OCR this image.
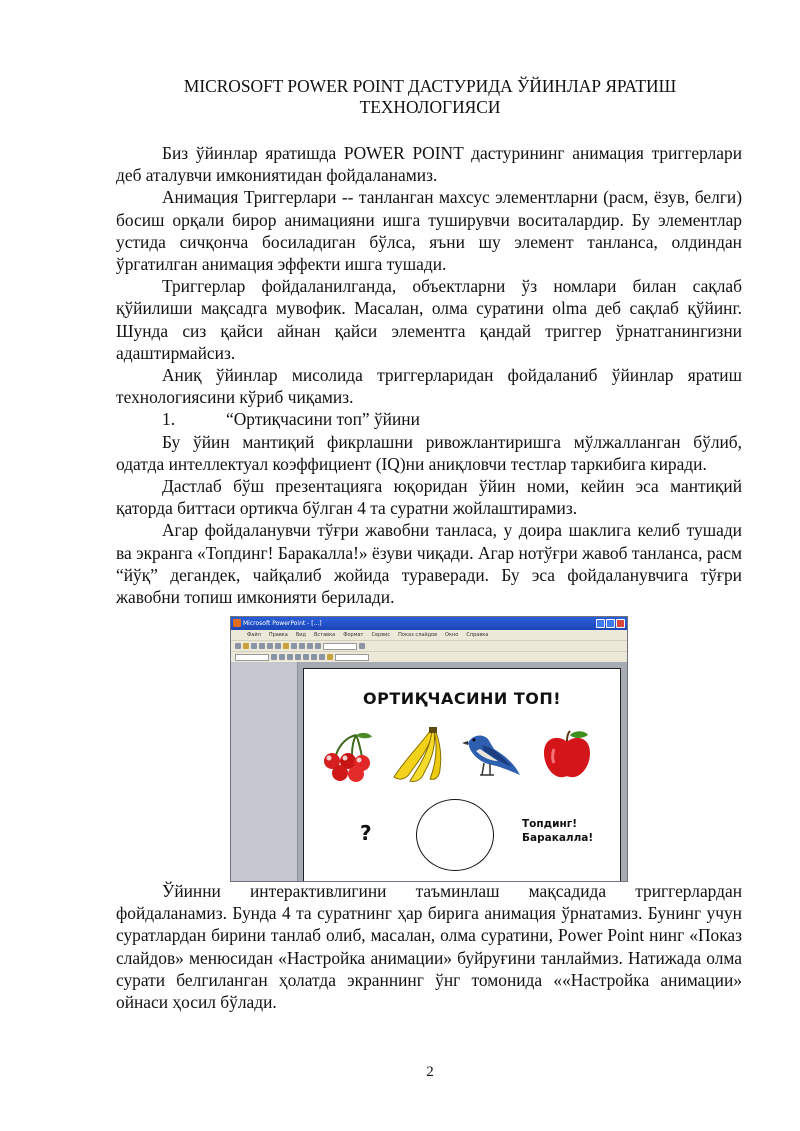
MICROSOFT POWER POINT ДАСТУРИДА ЎЙИНЛАР ЯРАТИШ
ТЕХНОЛОГИЯСИ

Биз ўйинлар яратишда POWER POINT дастурининг анимация триггерлари деб аталувчи имкониятидан фойдаланамиз.

Анимация Триггерлари -- танланган махсус элементларни (расм, ёзув, белги) босиш орқали бирор анимацияни ишга туширувчи воситалардир. Бу элементлар устида сичқонча босиладиган бўлса, яъни шу элемент танланса, олдиндан ўргатилган анимация эффекти ишга тушади.

Триггерлар фойдаланилганда, объектларни ўз номлари билан сақлаб қўйилиши мақсадга мувофик. Масалан, олма суратини olma деб сақлаб қўйинг. Шунда сиз қайси айнан қайси элементга қандай триггер ўрнатганингизни адаштирмайсиз.

Аниқ ўйинлар мисолида триггерларидан фойдаланиб ўйинлар яратиш технологиясини кўриб чиқамиз.

1.	“Ортиқчасини топ” ўйини

Бу ўйин мантиқий фикрлашни ривожлантиришга мўлжалланган бўлиб, одатда интеллектуал коэффициент (IQ)ни аниқловчи тестлар таркибига киради.

Дастлаб бўш презентацияга юқоридан ўйин номи, кейин эса мантиқий қаторда биттаси ортикча бўлган 4 та суратни жойлаштирамиз.

Агар фойдаланувчи тўғри жавобни танласа, у доира шаклига келиб тушади ва экранга «Топдинг! Баракалла!» ёзуви чиқади. Агар нотўғри жавоб танланса, расм “йўқ” дегандек, чайқалиб жойида тураверади. Бу эса фойдаланувчига тўғри жавобни топиш имконияти берилади.

Microsoft PowerPoint - [...]
Файл Правка Вид Вставка Формат Сервис Показ слайдов Окно Справка
ОРТИҚЧАСИНИ ТОП!
?	Топдинг!
Баракалла!

Ўйинни интерактивлигини таъминлаш мақсадида триггерлардан фойдаланамиз. Бунда 4 та суратнинг ҳар бирига анимация ўрнатамиз. Бунинг учун суратлардан бирини танлаб олиб, масалан, олма суратини, Power Point нинг «Показ слайдов» менюсидан «Настройка анимации» буйруғини танлаймиз. Натижада олма сурати белгиланган ҳолатда экраннинг ўнг томонида ««Настройка анимации» ойнаси ҳосил бўлади.

2
